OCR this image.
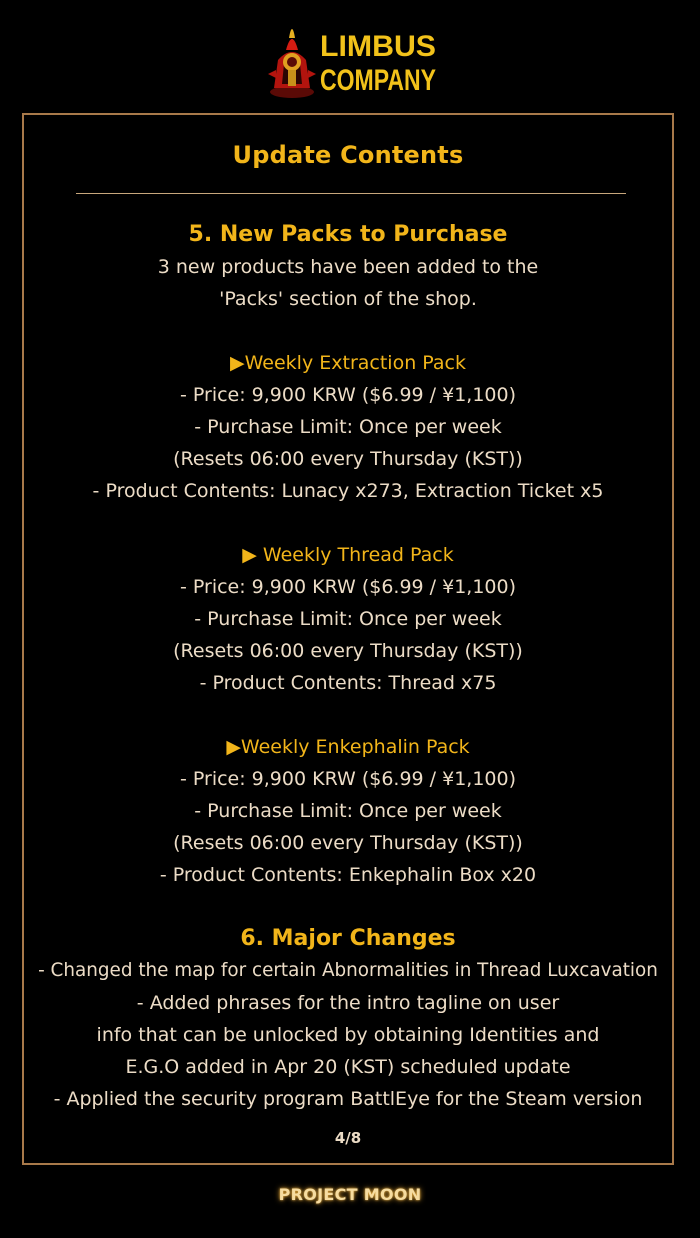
LIMBUS
COMPANY
Update Contents
5. New Packs to Purchase
3 new products have been added to the
'Packs' section of the shop.
▶Weekly Extraction Pack
- Price: 9,900 KRW ($6.99 / ¥1,100)
- Purchase Limit: Once per week
(Resets 06:00 every Thursday (KST))
- Product Contents: Lunacy x273, Extraction Ticket x5
▶ Weekly Thread Pack
- Price: 9,900 KRW ($6.99 / ¥1,100)
- Purchase Limit: Once per week
(Resets 06:00 every Thursday (KST))
- Product Contents: Thread x75
▶Weekly Enkephalin Pack
- Price: 9,900 KRW ($6.99 / ¥1,100)
- Purchase Limit: Once per week
(Resets 06:00 every Thursday (KST))
- Product Contents: Enkephalin Box x20
6. Major Changes
- Changed the map for certain Abnormalities in Thread Luxcavation
- Added phrases for the intro tagline on user
info that can be unlocked by obtaining Identities and
E.G.O added in Apr 20 (KST) scheduled update
- Applied the security program BattlEye for the Steam version
4/8
PROJECT MOON
